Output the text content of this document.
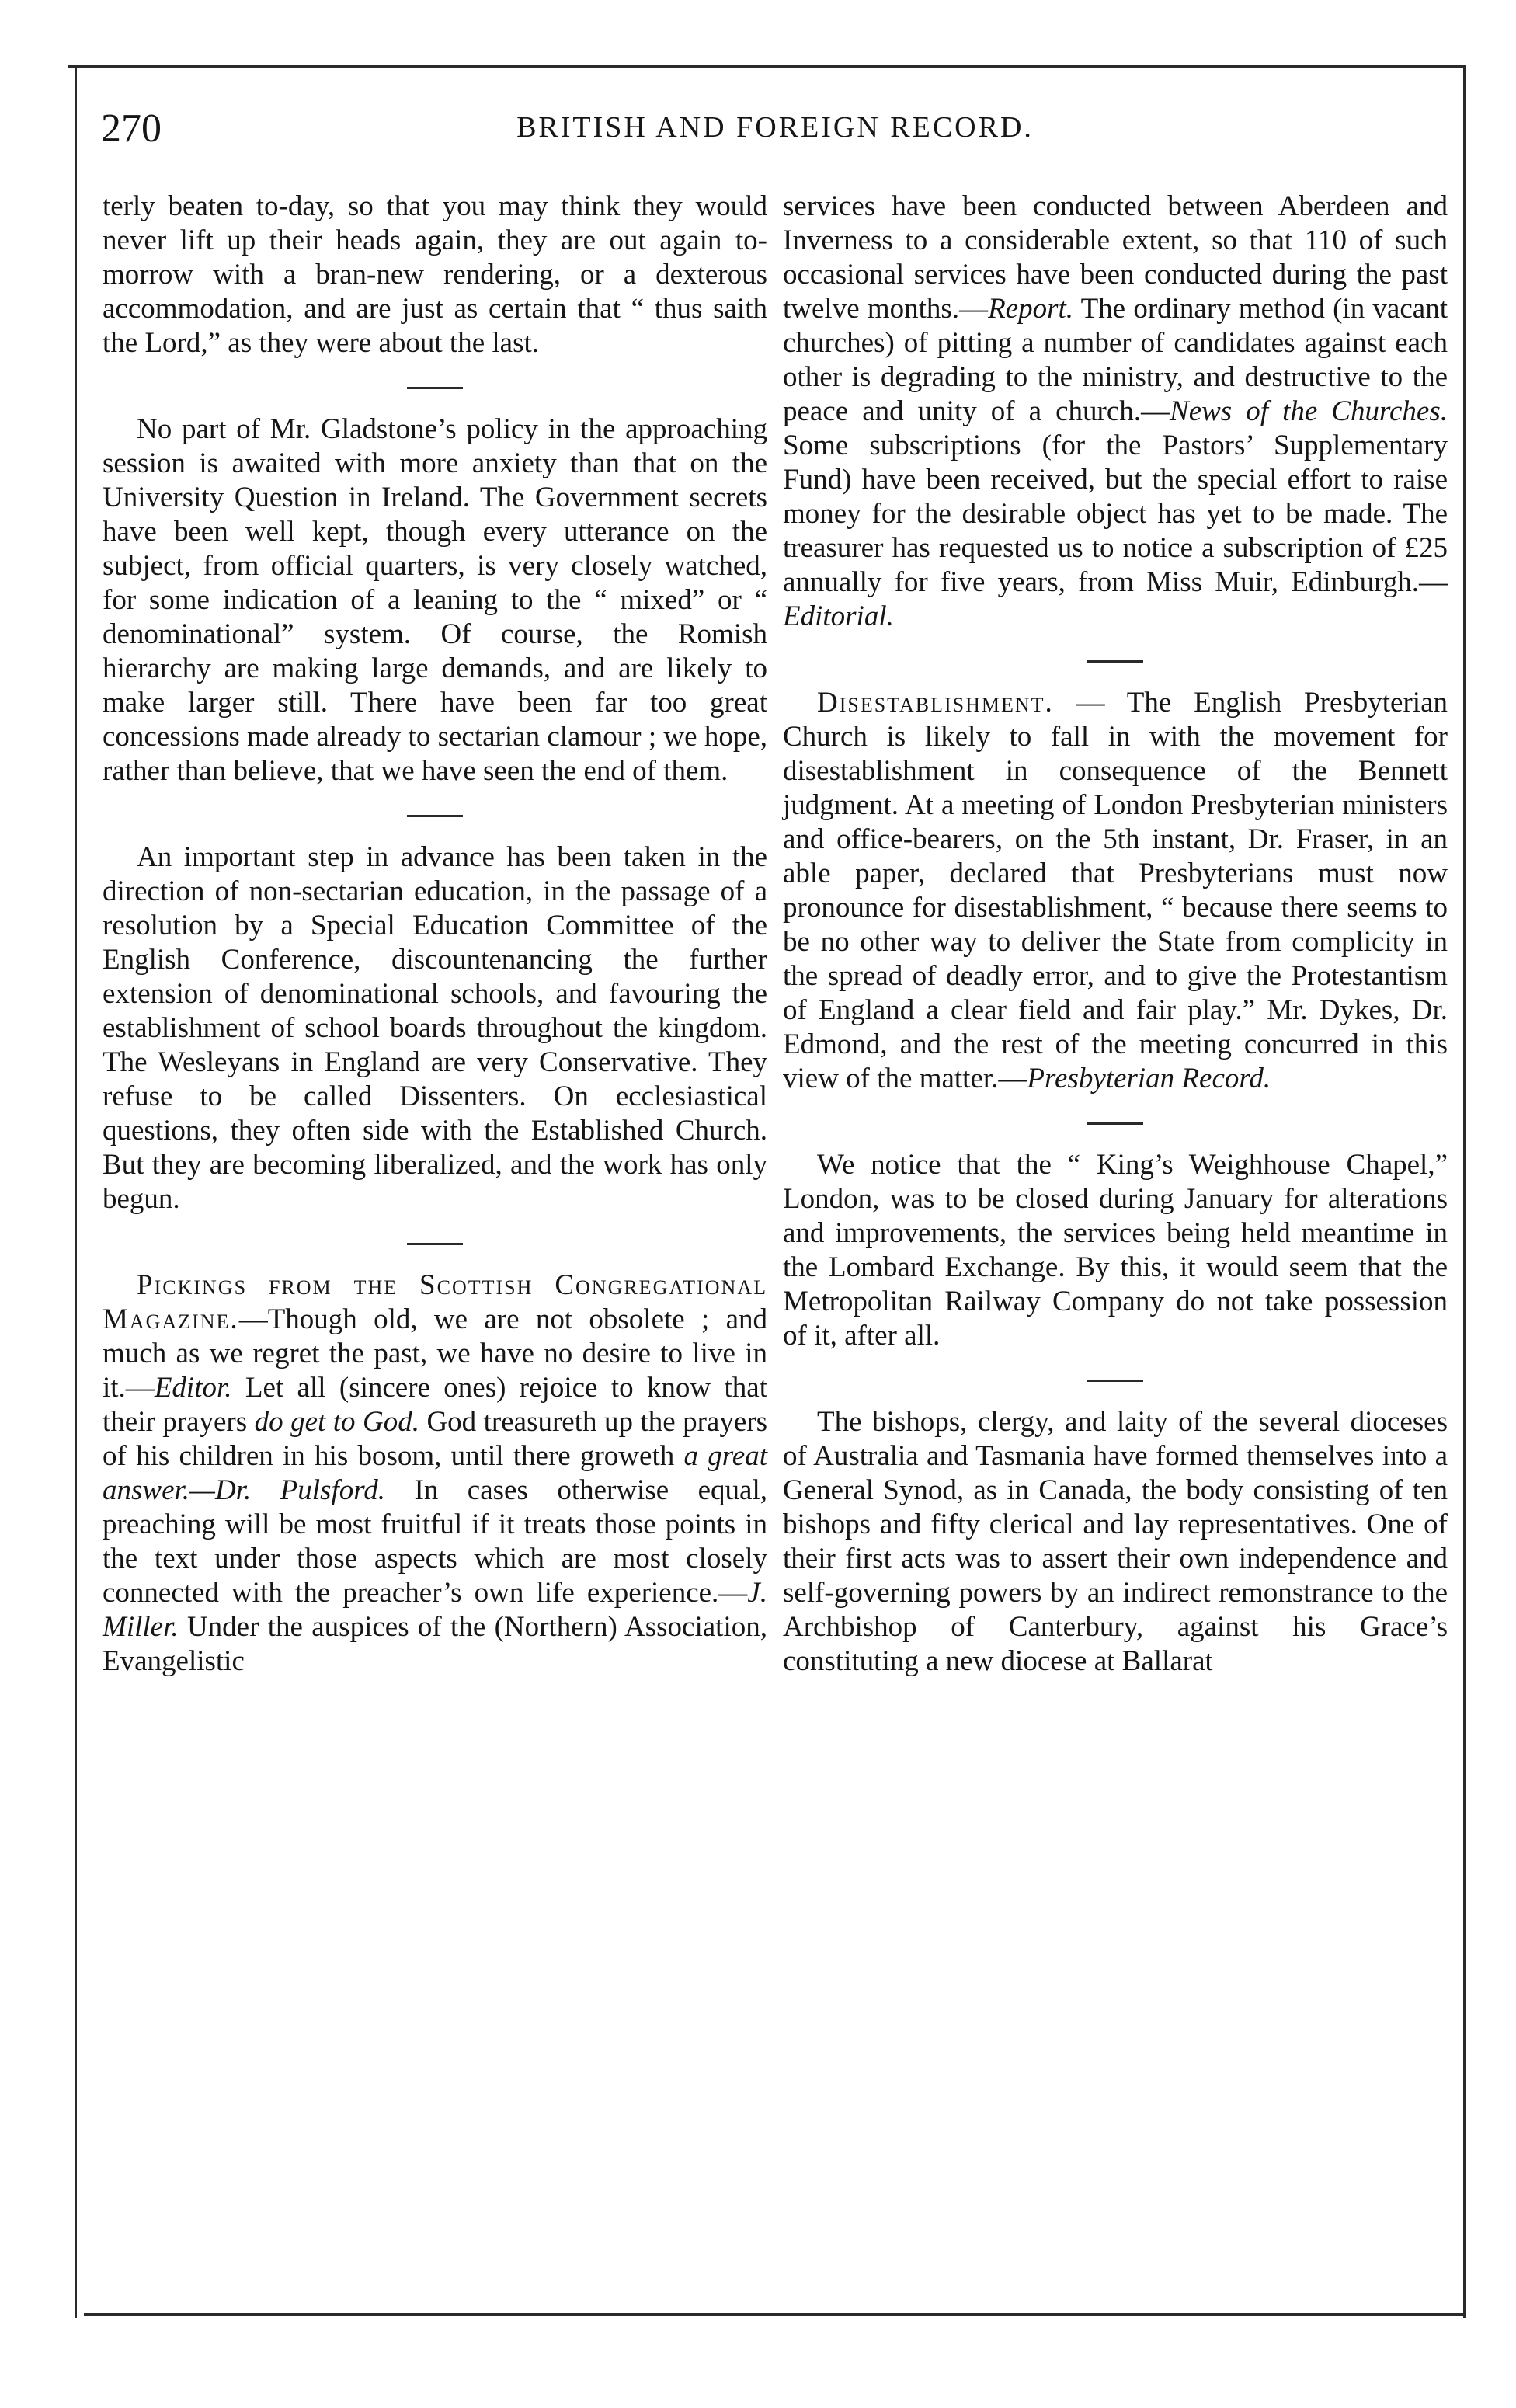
270	BRITISH AND FOREIGN RECORD.

terly beaten to-day, so that you may think they would never lift up their heads again, they are out again to-morrow with a bran-new rendering, or a dexterous accommodation, and are just as certain that “ thus saith the Lord,” as they were about the last.

No part of Mr. Gladstone’s policy in the approaching session is awaited with more anxiety than that on the University Question in Ireland. The Government secrets have been well kept, though every utterance on the subject, from official quarters, is very closely watched, for some indication of a leaning to the “ mixed” or “ denominational” system. Of course, the Romish hierarchy are making large demands, and are likely to make larger still. There have been far too great concessions made already to sectarian clamour ; we hope, rather than believe, that we have seen the end of them.

An important step in advance has been taken in the direction of non-sectarian education, in the passage of a resolution by a Special Education Committee of the English Conference, discountenancing the further extension of denominational schools, and favouring the establishment of school boards throughout the kingdom. The Wesleyans in England are very Conservative. They refuse to be called Dissenters. On ecclesiastical questions, they often side with the Established Church. But they are becoming liberalized, and the work has only begun.

Pickings from the Scottish Congregational Magazine.—Though old, we are not obsolete ; and much as we regret the past, we have no desire to live in it.—Editor. Let all (sincere ones) rejoice to know that their prayers do get to God. God treasureth up the prayers of his children in his bosom, until there groweth a great answer.—Dr. Pulsford. In cases otherwise equal, preaching will be most fruitful if it treats those points in the text under those aspects which are most closely connected with the preacher’s own life experience.—J. Miller. Under the auspices of the (Northern) Association, Evangelistic

services have been conducted between Aberdeen and Inverness to a considerable extent, so that 110 of such occasional services have been conducted during the past twelve months.—Report. The ordinary method (in vacant churches) of pitting a number of candidates against each other is degrading to the ministry, and destructive to the peace and unity of a church.—News of the Churches. Some subscriptions (for the Pastors’ Supplementary Fund) have been received, but the special effort to raise money for the desirable object has yet to be made. The treasurer has requested us to notice a subscription of £25 annually for five years, from Miss Muir, Edinburgh.—Editorial.

Disestablishment. — The English Presbyterian Church is likely to fall in with the movement for disestablishment in consequence of the Bennett judgment. At a meeting of London Presbyterian ministers and office-bearers, on the 5th instant, Dr. Fraser, in an able paper, declared that Presbyterians must now pronounce for disestablishment, “ because there seems to be no other way to deliver the State from complicity in the spread of deadly error, and to give the Protestantism of England a clear field and fair play.” Mr. Dykes, Dr. Edmond, and the rest of the meeting concurred in this view of the matter.—Presbyterian Record.

We notice that the “ King’s Weighhouse Chapel,” London, was to be closed during January for alterations and improvements, the services being held meantime in the Lombard Exchange. By this, it would seem that the Metropolitan Railway Company do not take possession of it, after all.

The bishops, clergy, and laity of the several dioceses of Australia and Tasmania have formed themselves into a General Synod, as in Canada, the body consisting of ten bishops and fifty clerical and lay representatives. One of their first acts was to assert their own independence and self-governing powers by an indirect remonstrance to the Archbishop of Canterbury, against his Grace’s constituting a new diocese at Ballarat
